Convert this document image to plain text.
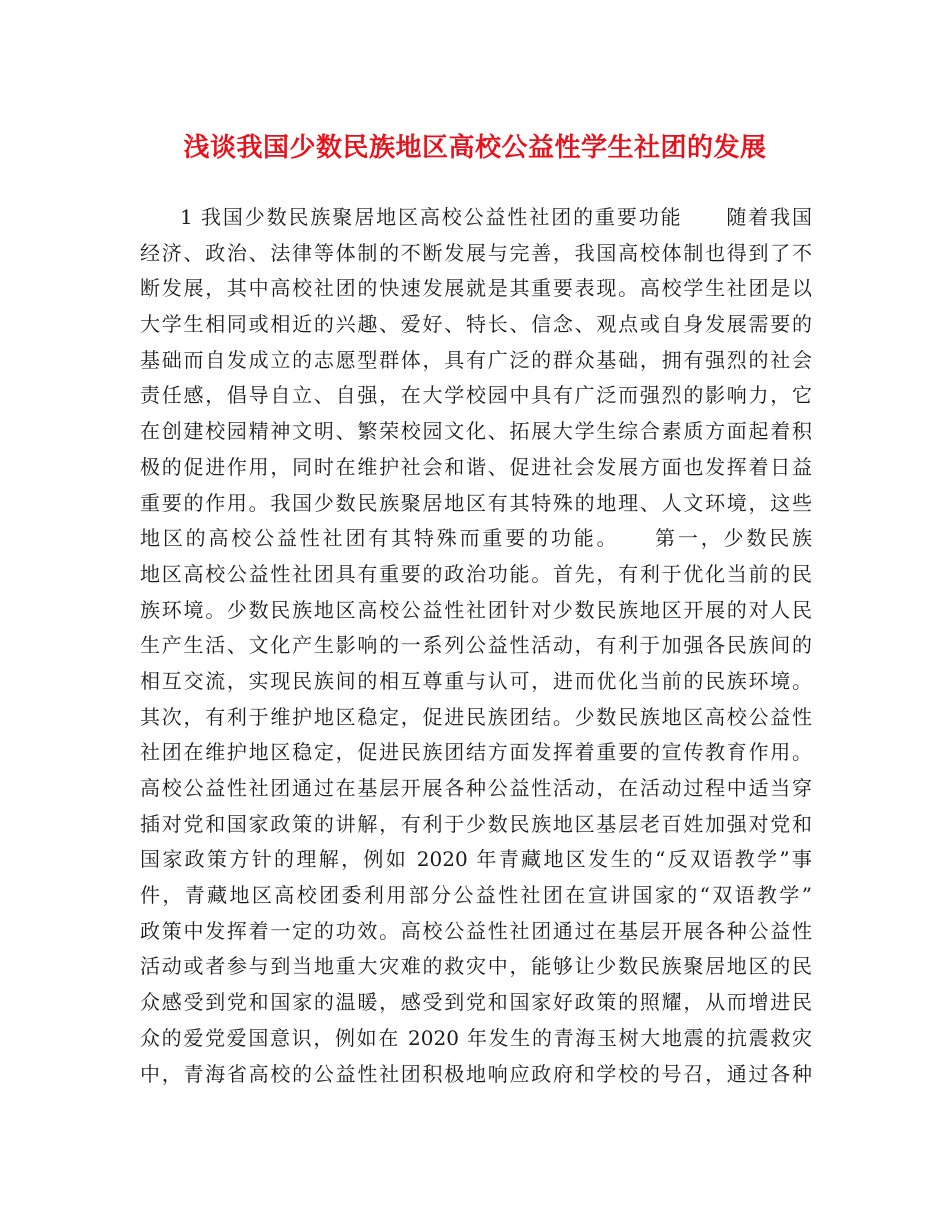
浅谈我国少数民族地区高校公益性学生社团的发展
1 我国少数民族聚居地区高校公益性社团的重要功能　　随着我国
经济、政治、法律等体制的不断发展与完善，我国高校体制也得到了不
断发展，其中高校社团的快速发展就是其重要表现。高校学生社团是以
大学生相同或相近的兴趣、爱好、特长、信念、观点或自身发展需要的
基础而自发成立的志愿型群体，具有广泛的群众基础，拥有强烈的社会
责任感，倡导自立、自强，在大学校园中具有广泛而强烈的影响力，它
在创建校园精神文明、繁荣校园文化、拓展大学生综合素质方面起着积
极的促进作用，同时在维护社会和谐、促进社会发展方面也发挥着日益
重要的作用。我国少数民族聚居地区有其特殊的地理、人文环境，这些
地区的高校公益性社团有其特殊而重要的功能。　　第一，少数民族
地区高校公益性社团具有重要的政治功能。首先，有利于优化当前的民
族环境。少数民族地区高校公益性社团针对少数民族地区开展的对人民
生产生活、文化产生影响的一系列公益性活动，有利于加强各民族间的
相互交流，实现民族间的相互尊重与认可，进而优化当前的民族环境。
其次，有利于维护地区稳定，促进民族团结。少数民族地区高校公益性
社团在维护地区稳定，促进民族团结方面发挥着重要的宣传教育作用。
高校公益性社团通过在基层开展各种公益性活动，在活动过程中适当穿
插对党和国家政策的讲解，有利于少数民族地区基层老百姓加强对党和
国家政策方针的理解，例如 2020 年青藏地区发生的“反双语教学”事
件，青藏地区高校团委利用部分公益性社团在宣讲国家的“双语教学”
政策中发挥着一定的功效。高校公益性社团通过在基层开展各种公益性
活动或者参与到当地重大灾难的救灾中，能够让少数民族聚居地区的民
众感受到党和国家的温暖，感受到党和国家好政策的照耀，从而增进民
众的爱党爱国意识，例如在 2020 年发生的青海玉树大地震的抗震救灾
中，青海省高校的公益性社团积极地响应政府和学校的号召，通过各种
